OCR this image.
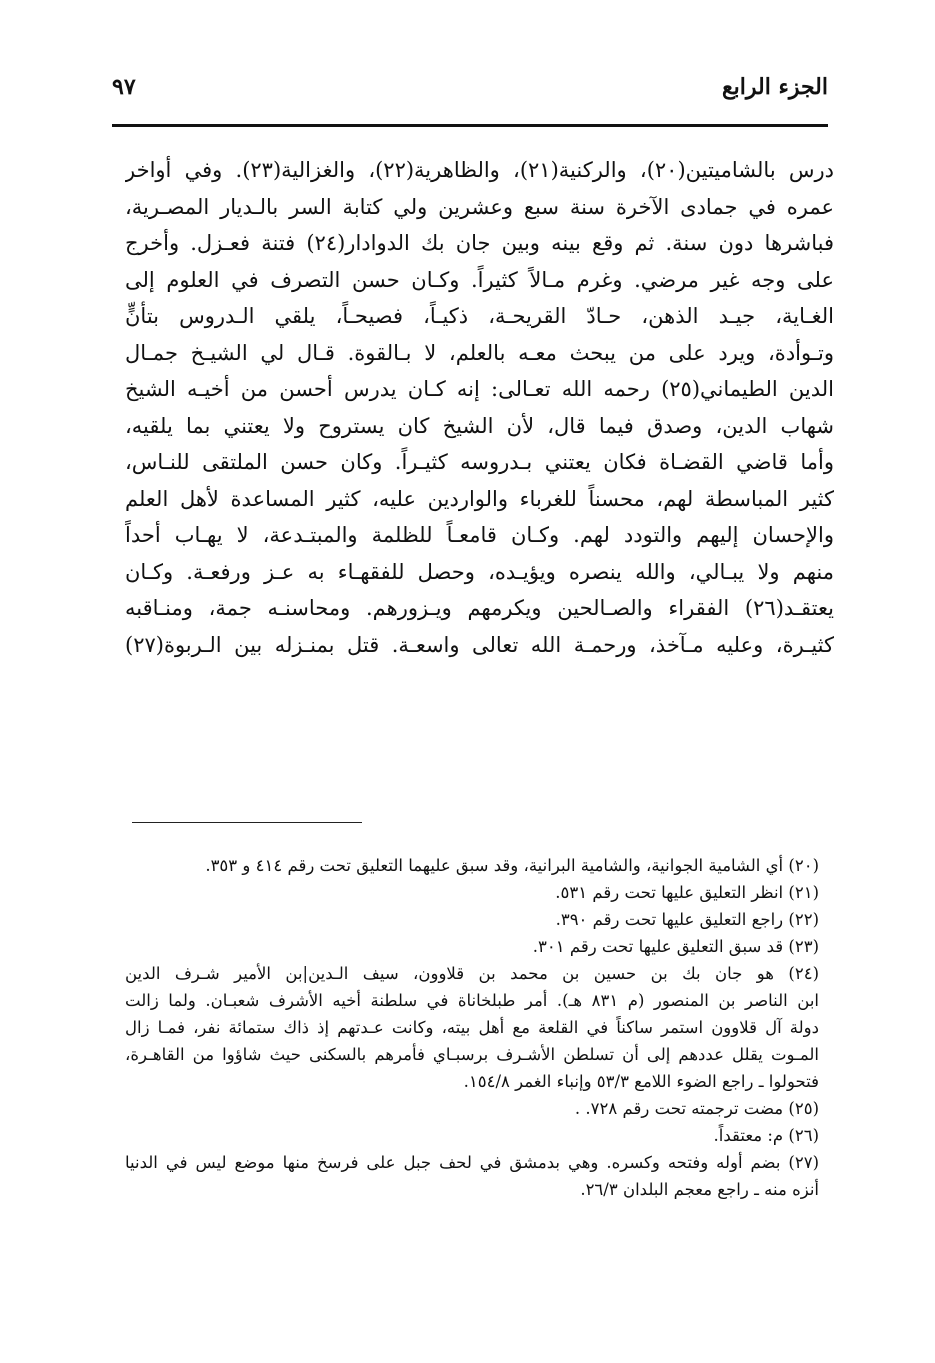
الجزء الرابع
٩٧
درس بالشاميتين(٢٠)، والركنية(٢١)، والظاهرية(٢٢)، والغزالية(٢٣). وفي أواخر
عمره في جمادى الآخرة سنة سبع وعشرين ولي كتابة السر بالـديار المصـرية،
فباشرها دون سنة. ثم وقع بينه وبين جان بك الدوادار(٢٤) فتنة فعـزل. وأخرج
على وجه غير مرضي. وغرم مـالاً كثيراً. وكـان حسن التصرف في العلوم إلى
الغـاية، جيـد الذهن، حـادّ القريحـة، ذكيـاً، فصيحـاً، يلقي الـدروس بتأنٍّ
وتـوأدة، ويرد على من يبحث معـه بالعلم، لا بـالقوة. قـال لي الشيـخ جمـال
الدين الطيماني(٢٥) رحمه الله تعـالى: إنه كـان يدرس أحسن من أخيـه الشيخ
شهاب الدين، وصدق فيما قال، لأن الشيخ كان يستروح ولا يعتني بما يلقيه،
وأما قاضي القضـاة فكان يعتني بـدروسه كثيـراً. وكان حسن الملتقى للنـاس،
كثير المباسطة لهم، محسناً للغرباء والواردين عليه، كثير المساعدة لأهل العلم
والإحسان إليهم والتودد لهم. وكـان قامعـاً للظلمة والمبتـدعة، لا يهـاب أحداً
منهم ولا يبـالي، والله ينصره ويؤيـده، وحصل للفقهـاء به عـز ورفعـة. وكـان
يعتقـد(٢٦) الفقراء والصـالحين ويكرمهم ويـزورهم. ومحاسنـه جمة، ومنـاقبه
كثيـرة، وعليه مـآخذ، ورحمـة الله تعالى واسعـة. قتل بمنـزله بين الـربوة(٢٧)
(٢٠) أي الشامية الجوانية، والشامية البرانية، وقد سبق عليهما التعليق تحت رقم ٤١٤ و ٣٥٣.
(٢١) انظر التعليق عليها تحت رقم ٥٣١.
(٢٢) راجع التعليق عليها تحت رقم ٣٩٠.
(٢٣) قد سبق التعليق عليها تحت رقم ٣٠١.
(٢٤) هو جان بك بن حسين بن محمد بن قلاوون، سيف الـدين|بن الأمير شـرف الدين
ابن الناصر بن المنصور (م ٨٣١ هـ). أمر طبلخاناة في سلطنة أخيه الأشرف شعبـان. ولما زالت
دولة آل قلاوون استمر ساكناً في القلعة مع أهل بيته، وكانت عـدتهم إذ ذاك ستمائة نفر، فمـا زال
المـوت يقلل عددهم إلى أن تسلطن الأشـرف برسبـاي فأمرهم بالسكنى حيث شاؤوا من القاهـرة،
فتحولوا ـ راجع الضوء اللامع ٥٣/٣ وإنباء الغمر ١٥٤/٨.
(٢٥) مضت ترجمته تحت رقم ٧٢٨. .
(٢٦) م: معتقداً.
(٢٧) بضم أوله وفتحه وكسره. وهي بدمشق في لحف جبل على فرسخ منها موضع ليس في الدنيا
أنزه منه ـ راجع معجم البلدان ٢٦/٣.
